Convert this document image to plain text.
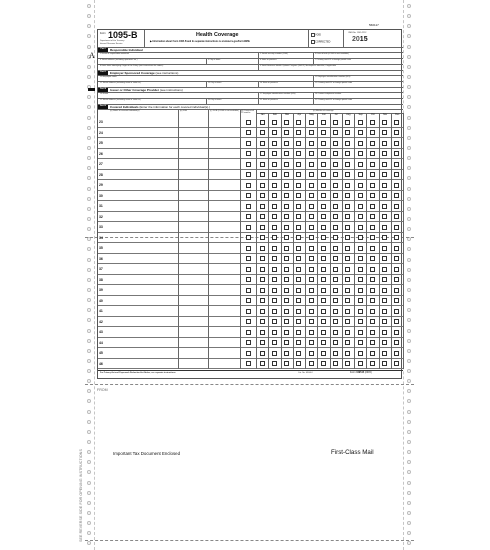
A
Form 1095-B
Department of the Treasury
Internal Revenue Service
Health Coverage
▶ Information about Form 1095-B and its separate instructions is at www.irs.gov/form1095b
560117
VOID
CORRECTED
OMB No. 1545-2252
2015
Part I	Responsible Individual
1 Name of responsible individual	2 Social security number (SSN)	3 Date of birth (if SSN is not available)
4 Street address (including apartment no.)	5 City or town	6 State or province	7 Country and ZIP or foreign postal code
8 Enter letter identifying Origin of the Policy (see instructions for codes):	9 Small Business Health Options Program (SHOP) Marketplace identifier, if applicable
Part II	Employer Sponsored Coverage (see instructions)
10 Employer name	11 Employer identification number (EIN)
12 Street address (including room or suite no.)	13 City or town	14 State or province	15 Country and ZIP or foreign postal code
Part III	Issuer or Other Coverage Provider (see instructions)
16 Name	17 Employer identification number (EIN)	18 Contact telephone number
19 Street address (including room or suite no.)	20 City or town	21 State or province	22 Country and ZIP or foreign postal code
Part IV	Covered Individuals (Enter the information for each covered individual(s).)
(a) Name of covered individual(s)	(b) SSN	(c) DOB (If SSN is not available)	(d) Covered all 12 months
(e) Months of coverage
Jan	Feb	Mar	Apr	May	Jun	Jul	Aug	Sep	Oct	Nov	Dec
23
24
25
26
27
28
29
30
31
32
33
34
35
36
37
38
39
40
41
42
43
44
45
46
For Privacy Act and Paperwork Reduction Act Notice, see separate instructions.	Cat. No. 63046J	Form 1095-B (2015)
FROM
Important Tax Document Enclosed	First-Class Mail
SEE REVERSE SIDE FOR OPENING INSTRUCTIONS
